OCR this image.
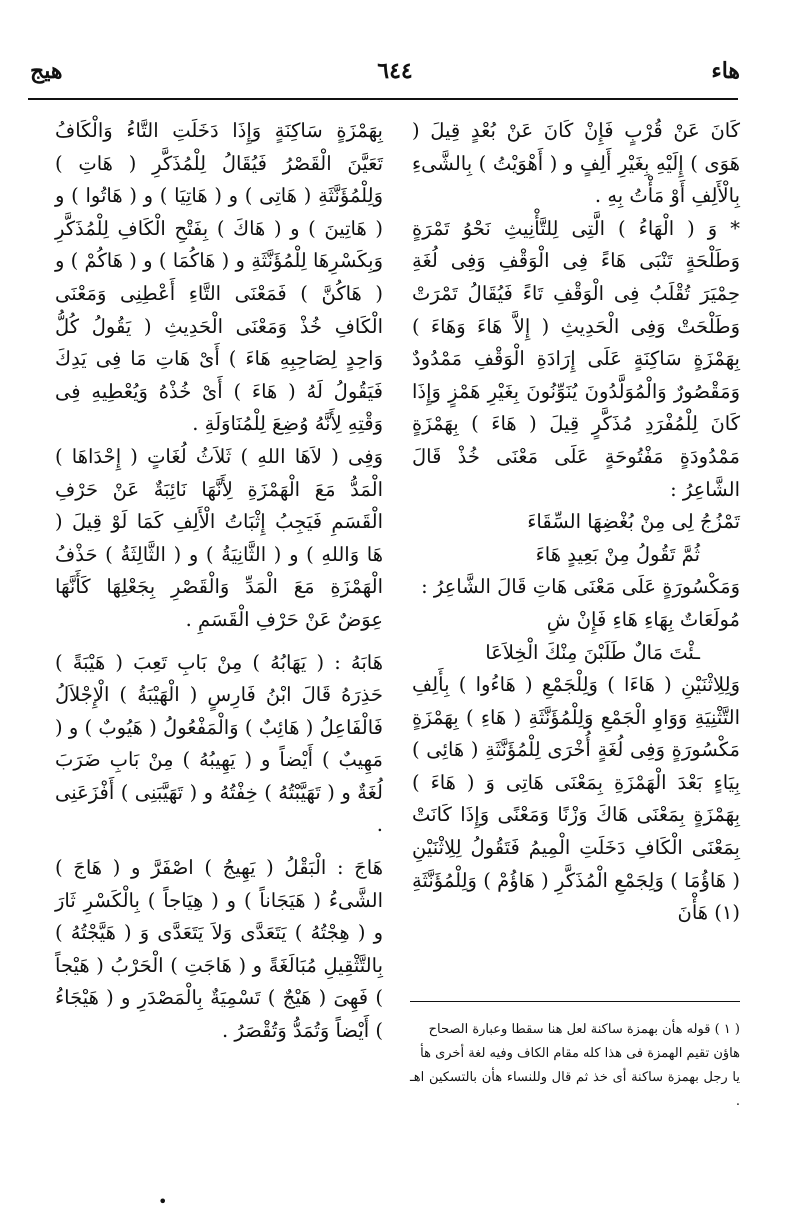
هاء
٦٤٤
هيج

كَانَ عَنْ قُرْبٍ فَإِنْ كَانَ عَنْ بُعْدٍ قِيلَ ( هَوَى ) إِلَيْهِ بِغَيْرِ أَلِفٍ و ( أَهْوَيْتُ ) بِالشَّىءِ بِالْأَلِفِ أَوْ مَأْتُ بِهِ .

* وَ ( الْهَاءُ ) الَّتِى لِلتَّأْنِيثِ نَحْوُ تَمْرَةٍ وَطَلْحَةٍ تَنْبَى هَاءً فِى الْوَقْفِ وَفِى لُغَةِ حِمْيَرَ تُقْلَبُ فِى الْوَقْفِ تَاءً فَيُقَالُ تَمْرَتْ وَطَلْحَتْ وَفِى الْحَدِيثِ ( إِلاَّ هَاءَ وَهَاءَ ) بِهَمْزَةٍ سَاكِنَةٍ عَلَى إِرَادَةِ الْوَقْفِ مَمْدُودٌ وَمَقْصُورٌ وَالْمُوَلَّدُونَ يُنَوِّنُونَ بِغَيْرِ هَمْزٍ وَإِذَا كَانَ لِلْمُفْرَدِ مُذَكَّرٍ قِيلَ ( هَاءَ ) بِهَمْزَةٍ مَمْدُودَةٍ مَفْتُوحَةٍ عَلَى مَعْنَى خُذْ قَالَ الشَّاعِرُ :

تَمْزُجُ لِى مِنْ بُغْضِهَا السِّقَاءَ

ثُمَّ تَقُولُ مِنْ بَعِيدٍ هَاءَ

وَمَكْسُورَةٍ عَلَى مَعْنَى هَاتِ قَالَ الشَّاعِرُ :

مُولَعَاتٌ بِهَاءِ هَاءِ فَإِنْ شِ

ـئْتَ مَالٌ طَلَبْنَ مِنْكَ الْخِلاَعَا

وَلِلِاثْنَيْنِ ( هَاءَا ) وَلِلْجَمْعِ ( هَاءُوا ) بِأَلِفِ التَّثْنِيَةِ وَوَاوِ الْجَمْعِ وَلِلْمُؤَنَّثَةِ ( هَاءِ ) بِهَمْزَةٍ مَكْسُورَةٍ وَفِى لُغَةٍ أُخْرَى لِلْمُؤَنَّثَةِ ( هَائِى ) بِيَاءٍ بَعْدَ الْهَمْزَةِ بِمَعْنَى هَاتِى وَ ( هَاءَ ) بِهَمْزَةٍ بِمَعْنَى هَاكَ وَزْنًا وَمَعْنًى وَإِذَا كَانَتْ بِمَعْنَى الْكَافِ دَخَلَتِ الْمِيمُ فَتَقُولُ لِلِاثْنَيْنِ ( هَاؤُمَا ) وَلِجَمْعِ الْمُذَكَّرِ ( هَاؤُمْ ) وَلِلْمُؤَنَّثَةِ (١) هَأْنَ

بِهَمْزَةٍ سَاكِنَةٍ وَإِذَا دَخَلَتِ التَّاءُ وَالْكَافُ تَعَيَّنَ الْقَصْرُ فَيُقَالُ لِلْمُذَكَّرِ ( هَاتِ ) وَلِلْمُؤَنَّثَةِ ( هَاتِى ) و ( هَاتِيَا ) و ( هَاتُوا ) و ( هَاتِينَ ) و ( هَاكَ ) بِفَتْحِ الْكَافِ لِلْمُذَكَّرِ وَبِكَسْرِهَا لِلْمُؤَنَّثَةِ و ( هَاكُمَا ) و ( هَاكُمْ ) و ( هَاكُنَّ ) فَمَعْنَى التَّاءِ أَعْطِنِى وَمَعْنَى الْكَافِ خُذْ وَمَعْنَى الْحَدِيثِ ( يَقُولُ كُلُّ وَاحِدٍ لِصَاحِبِهِ هَاءَ ) أَىْ هَاتِ مَا فِى يَدِكَ فَيَقُولُ لَهُ ( هَاءَ ) أَىْ خُذْهُ وَيُعْطِيهِ فِى وَقْتِهِ لِأَنَّهُ وُضِعَ لِلْمُنَاوَلَةِ .

وَفِى ( لاَهَا اللهِ ) ثَلاَثُ لُغَاتٍ ( إِحْدَاهَا ) الْمَدُّ مَعَ الْهَمْزَةِ لِأَنَّهَا نَائِبَةٌ عَنْ حَرْفِ الْقَسَمِ فَيَجِبُ إِثْبَاتُ الْأَلِفِ كَمَا لَوْ قِيلَ ( هَا وَاللهِ ) و ( الثَّانِيَةُ ) و ( الثَّالِثَةُ ) حَذْفُ الْهَمْزَةِ مَعَ الْمَدِّ وَالْقَصْرِ بِجَعْلِهَا كَأَنَّهَا عِوَضٌ عَنْ حَرْفِ الْقَسَمِ .

هَابَهُ : ( يَهَابُهُ ) مِنْ بَابِ تَعِبَ ( هَيْبَةً ) حَذِرَهُ قَالَ ابْنُ فَارِسٍ ( الْهَيْبَةُ ) الْإِجْلاَلُ فَالْفَاعِلُ ( هَائِبٌ ) وَالْمَفْعُولُ ( هَيُوبٌ ) و ( مَهِيبٌ ) أَيْضاً و ( يَهِيبُهُ ) مِنْ بَابِ ضَرَبَ لُغَةٌ و ( تَهَيَّبْتُهُ ) خِفْتُهُ و ( تَهَيَّبَنِى ) أَفْزَعَنِى .

هَاجَ : الْبَقْلُ ( يَهِيجُ ) اصْفَرَّ و ( هَاجَ ) الشَّىءُ ( هَيَجَاناً ) و ( هِيَاجاً ) بِالْكَسْرِ ثَارَ و ( هِجْتُهُ ) يَتَعَدَّى وَلاَ يَتَعَدَّى وَ ( هَيَّجْتُهُ ) بِالتَّثْقِيلِ مُبَالَغَةً و ( هَاجَتِ ) الْحَرْبُ ( هَيْجاً ) فَهِىَ ( هَيْجٌ ) تَسْمِيَةٌ بِالْمَصْدَرِ و ( هَيْجَاءُ ) أَيْضاً وَتُمَدُّ وَتُقْصَرُ .	( ١ ) قوله هأن بهمزة ساكنة لعل هنا سقطا وعبارة الصحاح

هاؤن تقيم الهمزة فى هذا كله مقام الكاف وفيه لغة أخرى هأ

يا رجل بهمزة ساكنة أى خذ ثم قال وللنساء هأن بالتسكين اهـ .

•
